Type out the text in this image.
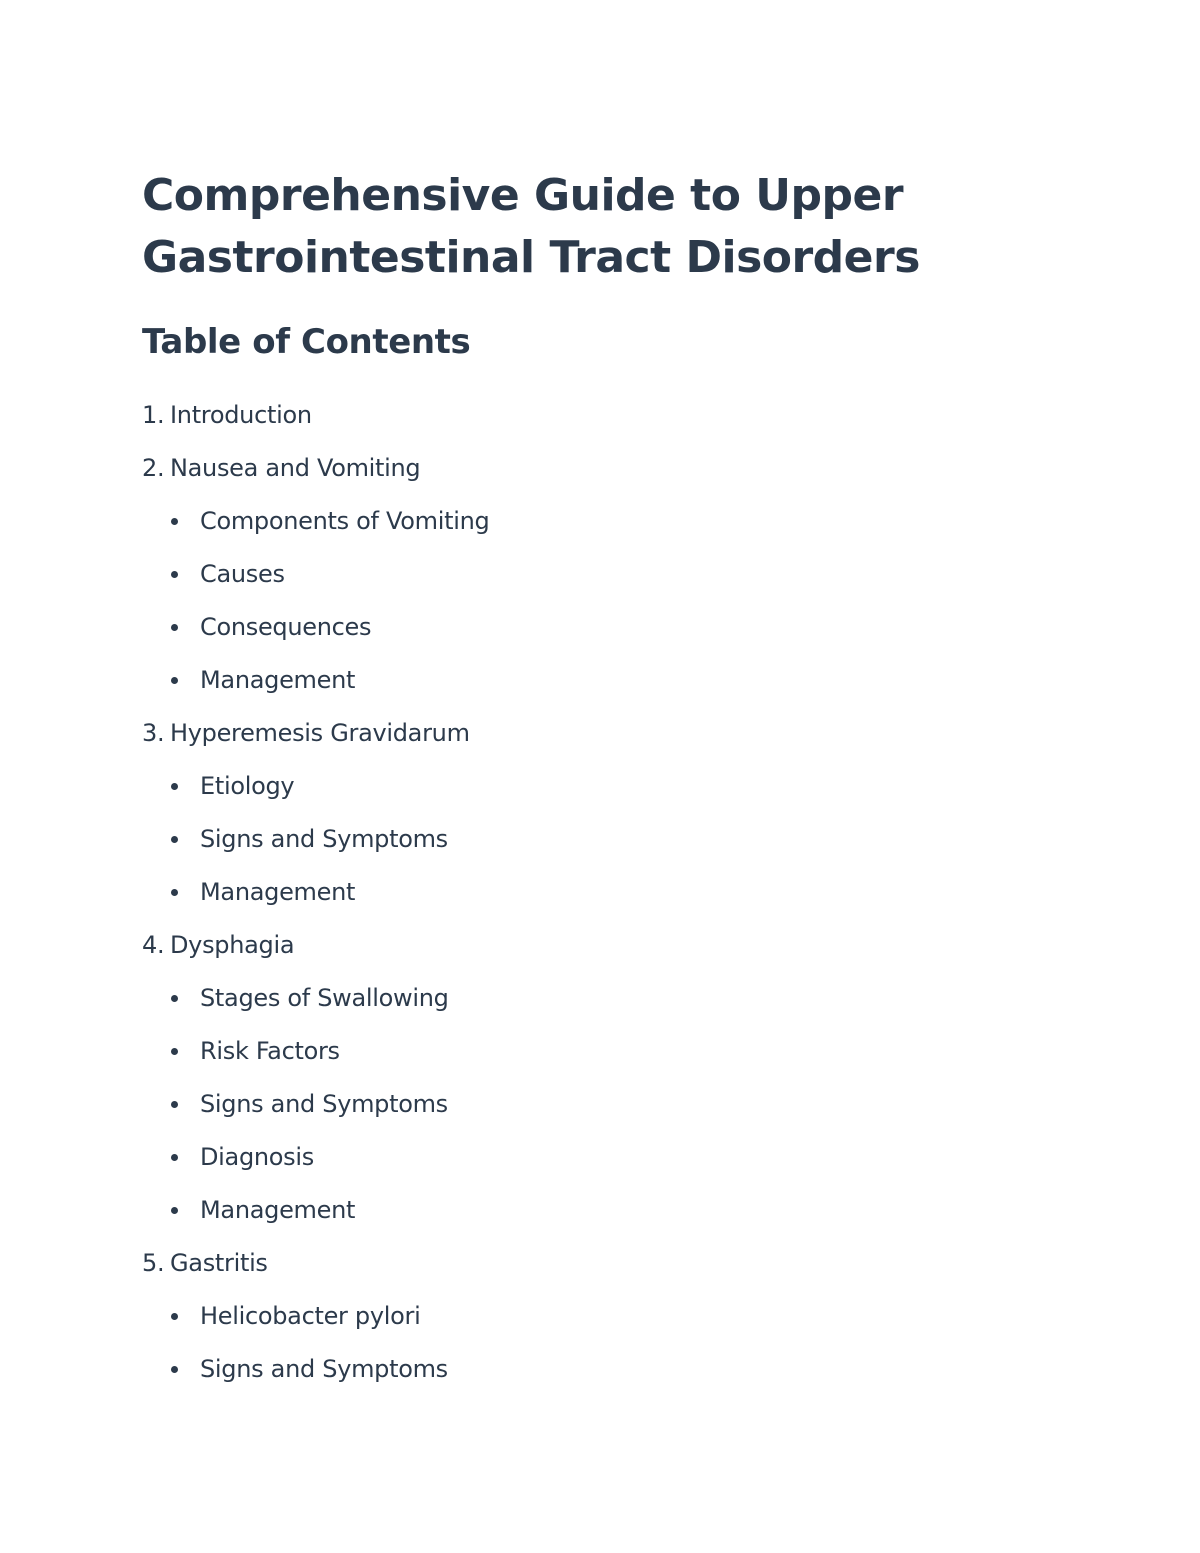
Comprehensive Guide to Upper
Gastrointestinal Tract Disorders
Table of Contents
1. Introduction
2. Nausea and Vomiting
Components of Vomiting
Causes
Consequences
Management
3. Hyperemesis Gravidarum
Etiology
Signs and Symptoms
Management
4. Dysphagia
Stages of Swallowing
Risk Factors
Signs and Symptoms
Diagnosis
Management
5. Gastritis
Helicobacter pylori
Signs and Symptoms
